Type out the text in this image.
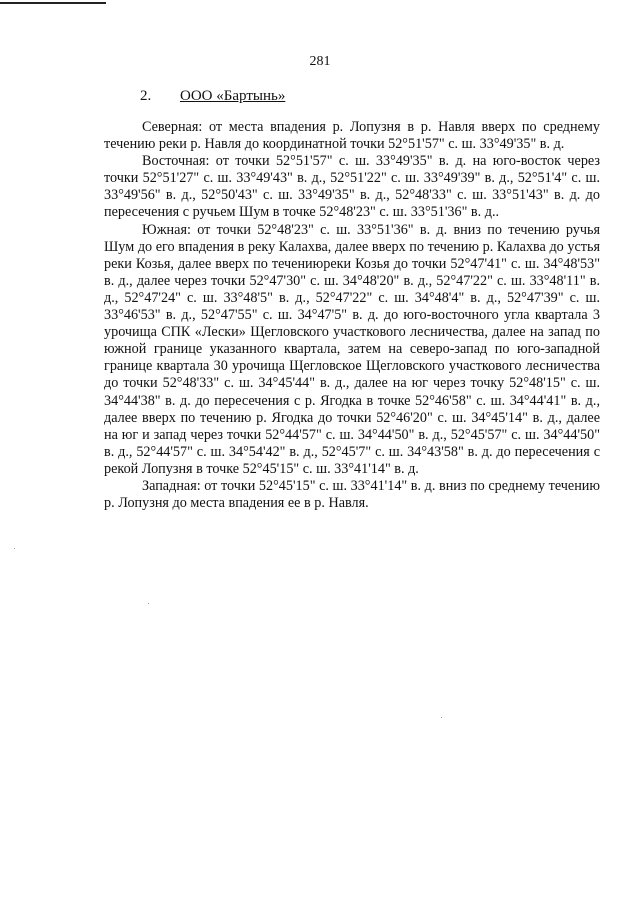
281
2. ООО «Бартынь»

Северная: от места впадения р. Лопузня в р. Навля вверх по среднему течению реки р. Навля до координатной точки 52°51'57" с. ш. 33°49'35" в. д.

Восточная: от точки 52°51'57" с. ш. 33°49'35" в. д. на юго-восток через точки 52°51'27" с. ш. 33°49'43" в. д., 52°51'22" с. ш. 33°49'39" в. д., 52°51'4" с. ш. 33°49'56" в. д., 52°50'43" с. ш. 33°49'35" в. д., 52°48'33" с. ш. 33°51'43" в. д. до пересечения с ручьем Шум в точке 52°48'23" с. ш. 33°51'36" в. д..

Южная: от точки 52°48'23" с. ш. 33°51'36" в. д. вниз по течению ручья Шум до его впадения в реку Калахва, далее вверх по течению р. Калахва до устья реки Козья, далее вверх по течениюреки Козья до точки 52°47'41" с. ш. 34°48'53" в. д., далее через точки 52°47'30" с. ш. 34°48'20" в. д., 52°47'22" с. ш. 33°48'11" в. д., 52°47'24" с. ш. 33°48'5" в. д., 52°47'22" с. ш. 34°48'4" в. д., 52°47'39" с. ш. 33°46'53" в. д., 52°47'55" с. ш. 34°47'5" в. д. до юго-восточного угла квартала 3 урочища СПК «Лески» Щегловского участкового лесничества, далее на запад по южной границе указанного квартала, затем на северо-запад по юго-западной границе квартала 30 урочища Щегловское Щегловского участкового лесничества до точки 52°48'33" с. ш. 34°45'44" в. д., далее на юг через точку 52°48'15" с. ш. 34°44'38" в. д. до пересечения с р. Ягодка в точке 52°46'58" с. ш. 34°44'41" в. д., далее вверх по течению р. Ягодка до точки 52°46'20" с. ш. 34°45'14" в. д., далее на юг и запад через точки 52°44'57" с. ш. 34°44'50" в. д., 52°45'57" с. ш. 34°44'50" в. д., 52°44'57" с. ш. 34°54'42" в. д., 52°45'7" с. ш. 34°43'58" в. д. до пересечения с рекой Лопузня в точке 52°45'15" с. ш. 33°41'14" в. д.

Западная: от точки 52°45'15" с. ш. 33°41'14" в. д. вниз по среднему течению р. Лопузня до места впадения ее в р. Навля.
